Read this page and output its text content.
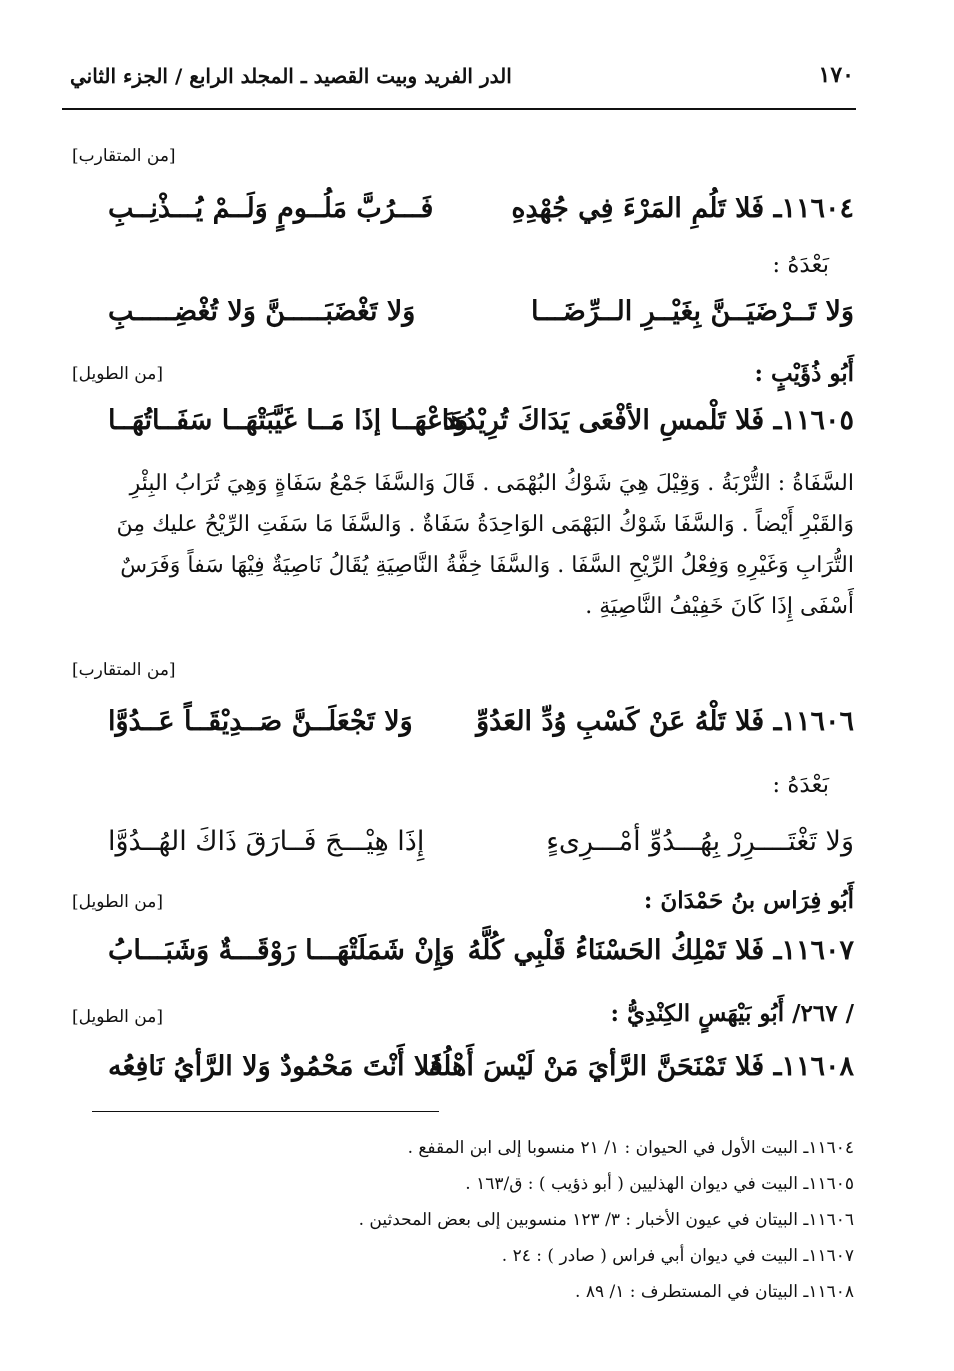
١٧٠
الدر الفريد وبيت القصيد ـ المجلد الرابع / الجزء الثاني
[من المتقارب]
١١٦٠٤ـ فَلا تَلُمِ المَرْءَ فِي جُهْدِهِ
فَـــرُبَّ مَلُــومٍ وَلَــمْ يُـــذْنِــبِ
بَعْدَهُ :
وَلا تَــرْضَيَــنَّ بِغَيْــرِ الــرِّضَـــا
وَلا تَغْضَبَـــــنَّ وَلا تُغْضِـــــبِ
أَبُو ذُؤَيْبٍ :
[من الطويل]
١١٦٠٥ـ فَلا تَلْمسِ الأفْعَى يَدَاكَ تُرِيْدُهَا
وَدَعْهَــا إذَا مَــا غَيَّبَتْهَــا سَفَــاتُهَــا
السَّفَاةُ : التُّرْبَةُ . وَقِيْلَ هِيَ شَوْكُ البُهْمَى . قَالَ وَالسَّفَا جَمْعُ سَفَاةٍ وَهِيَ تُرَابُ البِئْرِ
وَالقَبْرِ أَيْضاً . وَالسَّفَا شَوْكُ البَهْمَى الوَاحِدَةُ سَفَاةٌ . وَالسَّفَا مَا سَفَتِ الرِّيْحُ عليك مِنَ
التُّرَابِ وَغَيْرِهِ وَفِعْلُ الرِّيْحِ السَّفَا . وَالسَّفَا خِفَّةُ النَّاصِيَةِ يُقَالُ نَاصِيَةٌ فِيْهَا سَفاً وَفَرَسٌ
أَسْفَى إِذَا كَانَ خَفِيْفُ النَّاصِيَةِ .
[من المتقارب]
١١٦٠٦ـ فَلا تَلْهُ عَنْ كَسْبِ وُدِّ العَدُوِّ
وَلا تَجْعَلَــنَّ صَــدِيْقَــاً عَــدُوَّا
بَعْدَهُ :
وَلا تَغْتَــــرِرْ بِهُـــدُوِّ أمْـــرِىءٍ
إِذَا هِيْـــجَ فَــارَقَ ذَاكَ الهُــدُوَّا
أَبُو فِرَاس بنُ حَمْدَانَ :
[من الطويل]
١١٦٠٧ـ فَلا تَمْلِكُ الحَسْنَاءُ قَلْبِي كُلَّهُ
وَإِنْ شَمَلَتْهَـــا رَوْقَـــةٌ وَشَبَـــابُ
/ ٢٦٧/ أَبُو بَيْهَسٍ الكِنْدِيُّ :
[من الطويل]
١١٦٠٨ـ فَلا تَمْنَحَنَّ الرَّأيَ مَنْ لَيْسَ أَهْلُهُ
فَلا أَنْتَ مَحْمُودٌ وَلا الرَّأيُ نَافِعُه
١١٦٠٤ـ البيت الأول في الحيوان : ١/ ٢١ منسوبا إلى ابن المقفع .
١١٦٠٥ـ البيت في ديوان الهذليين ( أبو ذؤيب ) : ق/١٦٣ .
١١٦٠٦ـ البيتان في عيون الأخبار : ٣/ ١٢٣ منسوبين إلى بعض المحدثين .
١١٦٠٧ـ البيت في ديوان أبي فراس ( صادر ) : ٢٤ .
١١٦٠٨ـ البيتان في المستطرف : ١/ ٨٩ .
